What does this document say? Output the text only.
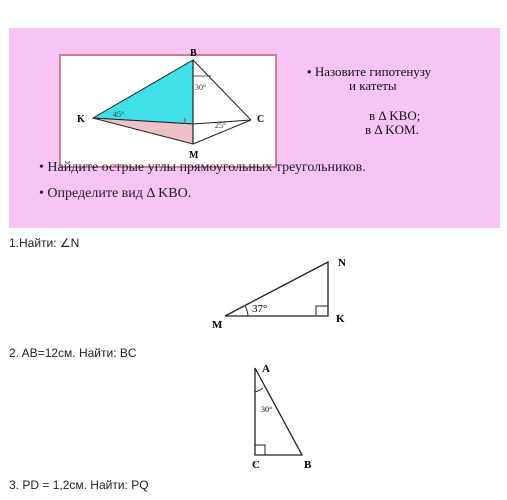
B
K	C
M
45°
30°
25°
• Назовите гипотенузу
и катеты
в Δ KBO;
в Δ KOM.
• Найдите острые углы прямоугольных треугольников.
• Определите вид Δ KBO.
1.Найти: ∠N
N
M	K
37°
2. AB=12см. Найти: BC
A
C	B
30°
3. PD = 1,2см. Найти: PQ
